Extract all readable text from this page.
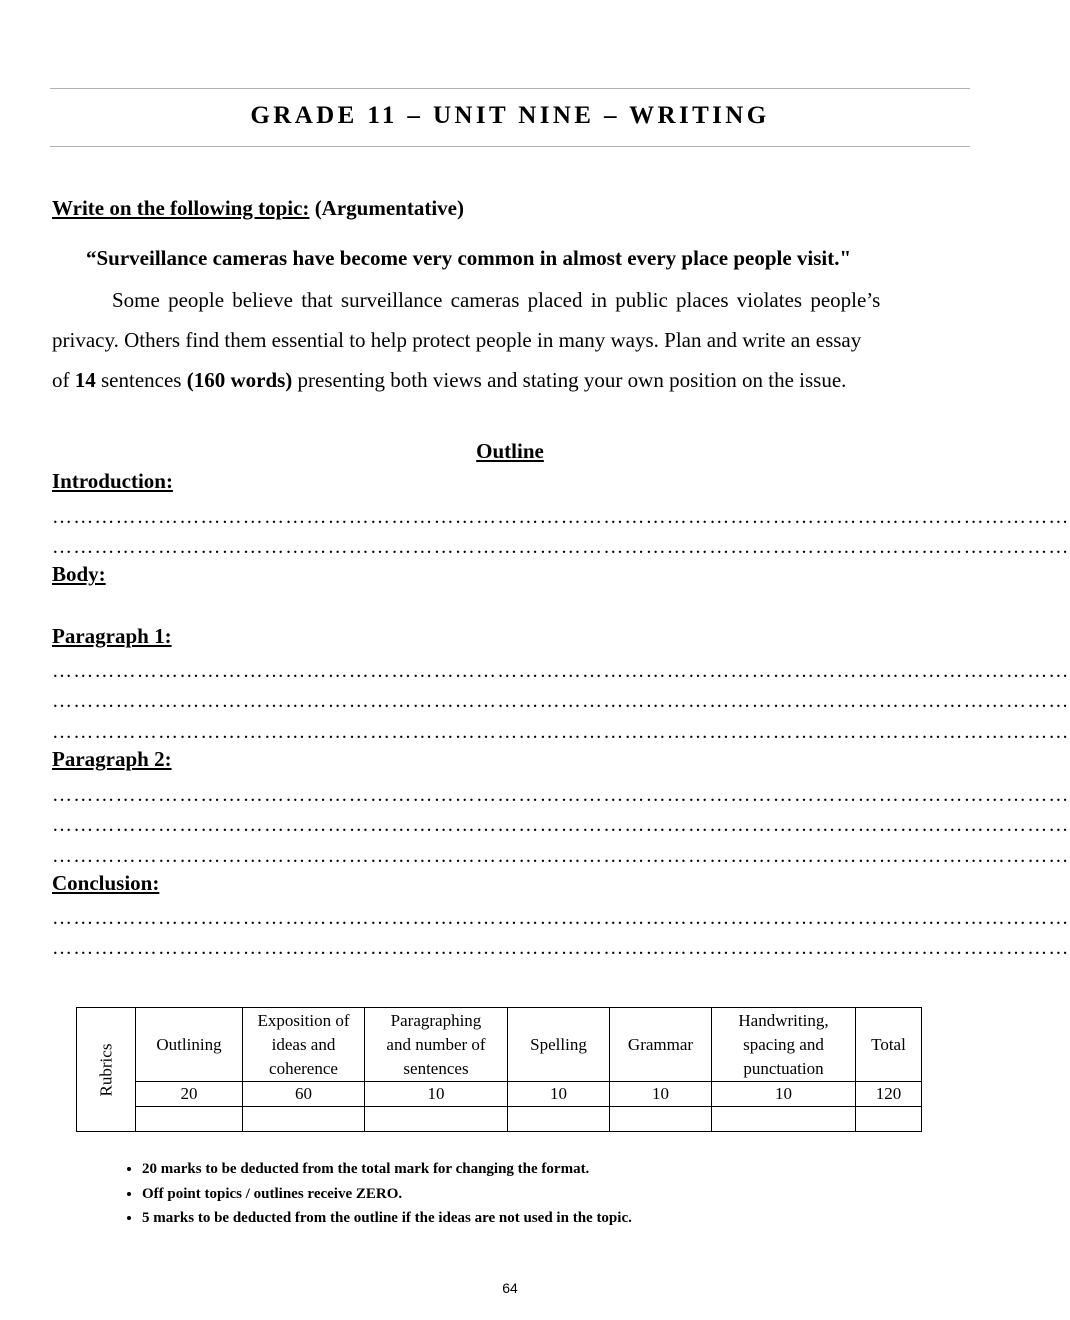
GRADE 11 – UNIT NINE – WRITING
Write on the following topic: (Argumentative)
“Surveillance cameras have become very common in almost every place people visit."
Some people believe that surveillance cameras placed in public places violates people’s
privacy. Others find them essential to help protect people in many ways. Plan and write an essay
of 14 sentences (160 words) presenting both views and stating your own position on the issue.
Outline
Introduction:
………………………………………………………………………………………………………………………………
………………………………………………………………………………………………………………………………
Body:
Paragraph 1:
………………………………………………………………………………………………………………………………
………………………………………………………………………………………………………………………………
………………………………………………………………………………………………………………………………
Paragraph 2:
………………………………………………………………………………………………………………………………
………………………………………………………………………………………………………………………………
………………………………………………………………………………………………………………………………
Conclusion:
………………………………………………………………………………………………………………………………
………………………………………………………………………………………………………………………………
Rubrics	Outlining	Exposition of
ideas and
coherence	Paragraphing
and number of
sentences	Spelling	Grammar	Handwriting,
spacing and
punctuation	Total
	20	60	10	10	10	10	120

• 20 marks to be deducted from the total mark for changing the format.
• Off point topics / outlines receive ZERO.
• 5 marks to be deducted from the outline if the ideas are not used in the topic.
64
